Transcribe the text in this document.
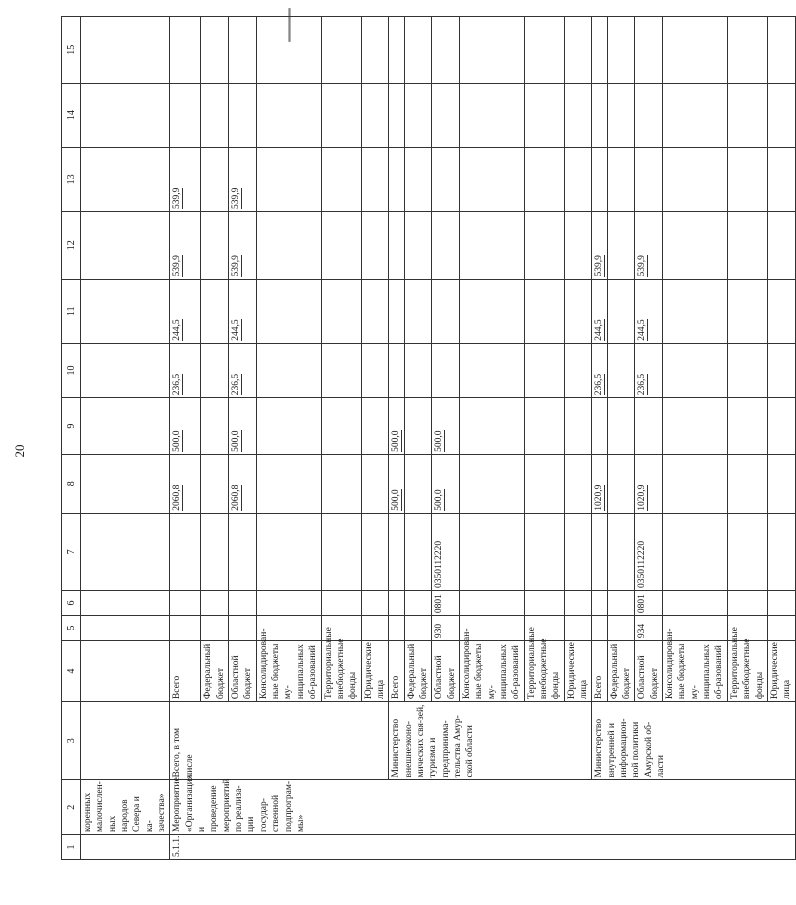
20
1	2	3	4	5	6	7	8	9	10	11	12	13	14	15
	коренных малочислен-ных народов Севера и ка-зачества»													
5.1.1.	Мероприятие «Организация и проведение мероприятий по реализа-ции государ-ственной подпрограм-мы»	Всего, в том числе	Всего				2060,8	500,0	236,5	244,5	539,9	539,9		
			Федеральный бюджет											
			Областной бюджет				2060,8	500,0	236,5	244,5	539,9	539,9		
			Консолидирован-ные бюджеты му-ниципальных об-разований											
			Территориальные внебюджетные фонды											
			Юридические лица											
		Министерство внешнеэконо-мических свя-зей, туризма и предпринима-тельства Амур-ской области	Всего				500,0	500,0						
			Федеральный бюджет											
			Областной бюджет	930	0801	0350112220	500,0	500,0						
			Консолидирован-ные бюджеты му-ниципальных об-разований											
			Территориальные внебюджетные фонды											
			Юридические лица											
		Министерство внутренней и информацион-ной политики Амурской об-ласти	Всего				1020,9		236,5	244,5	539,9			
			Федеральный бюджет											
			Областной бюджет	934	0801	0350112220	1020,9		236,5	244,5	539,9			
			Консолидирован-ные бюджеты му-ниципальных об-разований											
			Территориальные внебюджетные фонды											
			Юридические лица											
